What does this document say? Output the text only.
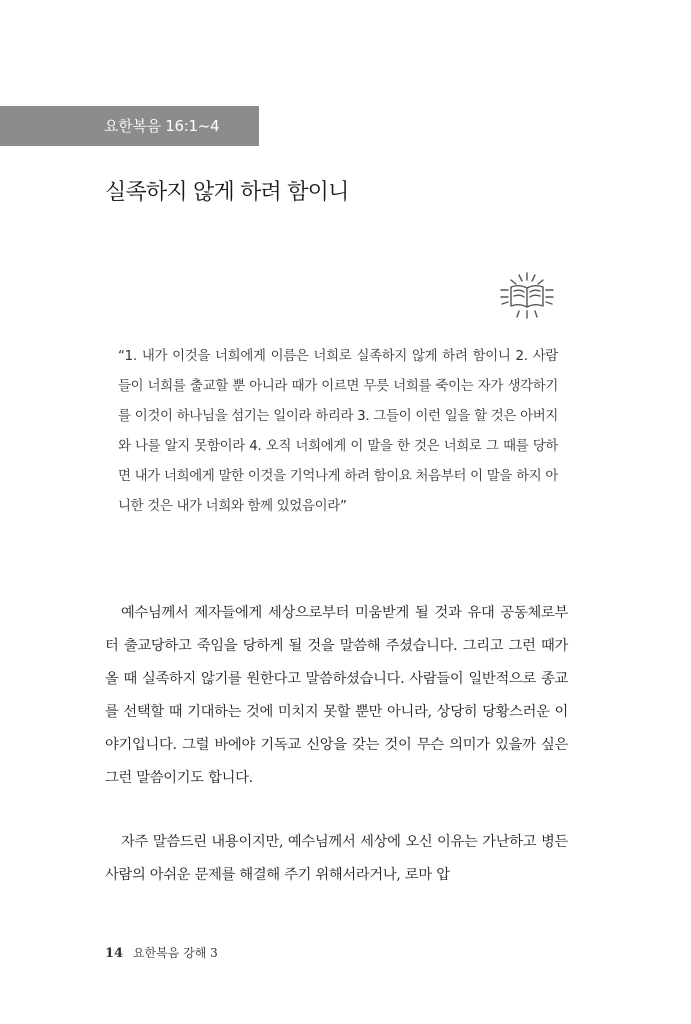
요한복음 16:1~4
실족하지 않게 하려 함이니
“1. 내가 이것을 너희에게 이름은 너희로 실족하지 않게 하려 함이니 2. 사람들이 너희를 출교할 뿐 아니라 때가 이르면 무릇 너희를 죽이는 자가 생각하기를 이것이 하나님을 섬기는 일이라 하리라 3. 그들이 이런 일을 할 것은 아버지와 나를 알지 못함이라 4. 오직 너희에게 이 말을 한 것은 너희로 그 때를 당하면 내가 너희에게 말한 이것을 기억나게 하려 함이요 처음부터 이 말을 하지 아니한 것은 내가 너희와 함께 있었음이라”

예수님께서 제자들에게 세상으로부터 미움받게 될 것과 유대 공동체로부터 출교당하고 죽임을 당하게 될 것을 말씀해 주셨습니다. 그리고 그런 때가 올 때 실족하지 않기를 원한다고 말씀하셨습니다. 사람들이 일반적으로 종교를 선택할 때 기대하는 것에 미치지 못할 뿐만 아니라, 상당히 당황스러운 이야기입니다. 그럴 바에야 기독교 신앙을 갖는 것이 무슨 의미가 있을까 싶은 그런 말씀이기도 합니다.

자주 말씀드린 내용이지만, 예수님께서 세상에 오신 이유는 가난하고 병든 사람의 아쉬운 문제를 해결해 주기 위해서라거나, 로마 압

14 요한복음 강해 3
